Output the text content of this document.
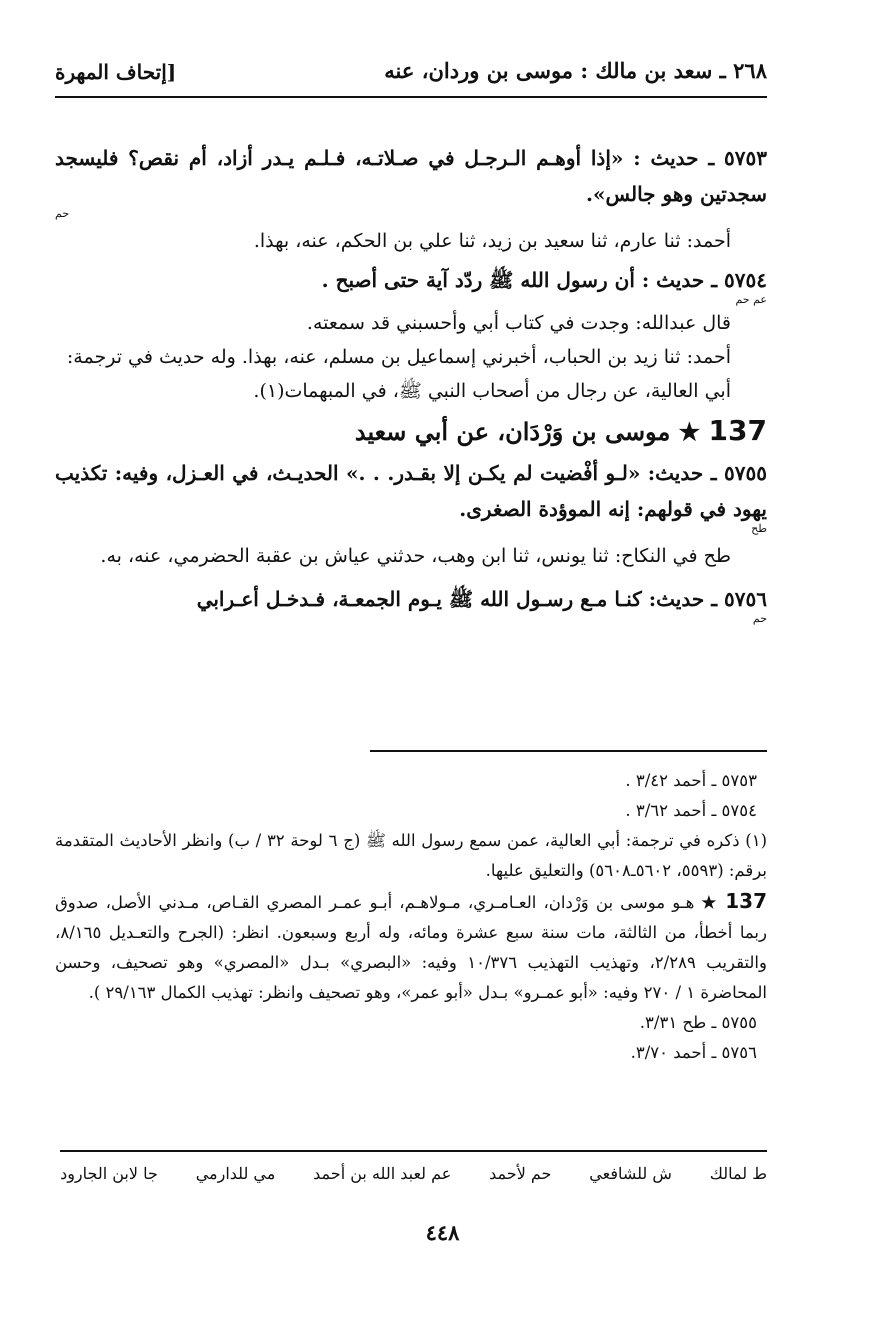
٢٦٨ ـ سعد بن مالك : موسى بن وردان، عنه
[إتحاف المهرة

٥٧٥٣ ـ حديث : «إذا أوهـم الـرجـل في صـلاتـه، فـلـم يـدر أزاد، أم نقص؟ فليسجد سجدتين وهو جالس».

حم

أحمد: ثنا عارم، ثنا سعيد بن زيد، ثنا علي بن الحكم، عنه، بهذا.

٥٧٥٤ ـ حديث : أن رسول الله ﷺ ردّد آية حتى أصبح .

عم حم

قال عبدالله: وجدت في كتاب أبي وأحسبني قد سمعته.

أحمد: ثنا زيد بن الحباب، أخبرني إسماعيل بن مسلم، عنه، بهذا. وله حديث في ترجمة: أبي العالية، عن رجال من أصحاب النبي ﷺ، في المبهمات(١).

137 ★ موسى بن وَرْدَان، عن أبي سعيد

٥٧٥٥ ـ حديث: «لـو أفْضيت لم يكـن إلا بقـدر. . .» الحديـث، في العـزل، وفيه: تكذيب يهود في قولهم: إنه الموؤدة الصغرى.

طح

طح في النكاح: ثنا يونس، ثنا ابن وهب، حدثني عياش بن عقبة الحضرمي، عنه، به.

٥٧٥٦ ـ حديث: كنـا مـع رسـول الله ﷺ يـوم الجمعـة، فـدخـل أعـرابي

حم

٥٧٥٣ ـ أحمد ٣/٤٢ .

٥٧٥٤ ـ أحمد ٣/٦٢ .

(١) ذكره في ترجمة: أبي العالية، عمن سمع رسول الله ﷺ (ج ٦ لوحة ٣٢ / ب) وانظر الأحاديث المتقدمة برقم: (٥٥٩٣، ٥٦٠٢ـ٥٦٠٨) والتعليق عليها.

137 ★ هـو موسى بن وَرْدان، العـامـري، مـولاهـم، أبـو عمـر المصري القـاص، مـدني الأصل، صدوق ربما أخطأ، من الثالثة، مات سنة سبع عشرة ومائه، وله أربع وسبعون. انظر: (الجرح والتعـديل ٨/١٦٥، والتقريب ٢/٢٨٩، وتهذيب التهذيب ١٠/٣٧٦ وفيه: «البصري» بـدل «المصري» وهو تصحيف، وحسن المحاضرة ١ / ٢٧٠ وفيه: «أبو عمـرو» بـدل «أبو عمر»، وهو تصحيف وانظر: تهذيب الكمال ٢٩/١٦٣ ).

٥٧٥٥ ـ طح ٣/٣١.

٥٧٥٦ ـ أحمد ٣/٧٠.

ط لمالك
ش للشافعي
حم لأحمد
عم لعبد الله بن أحمد
مي للدارمي
جا لابن الجارود
٤٤٨
